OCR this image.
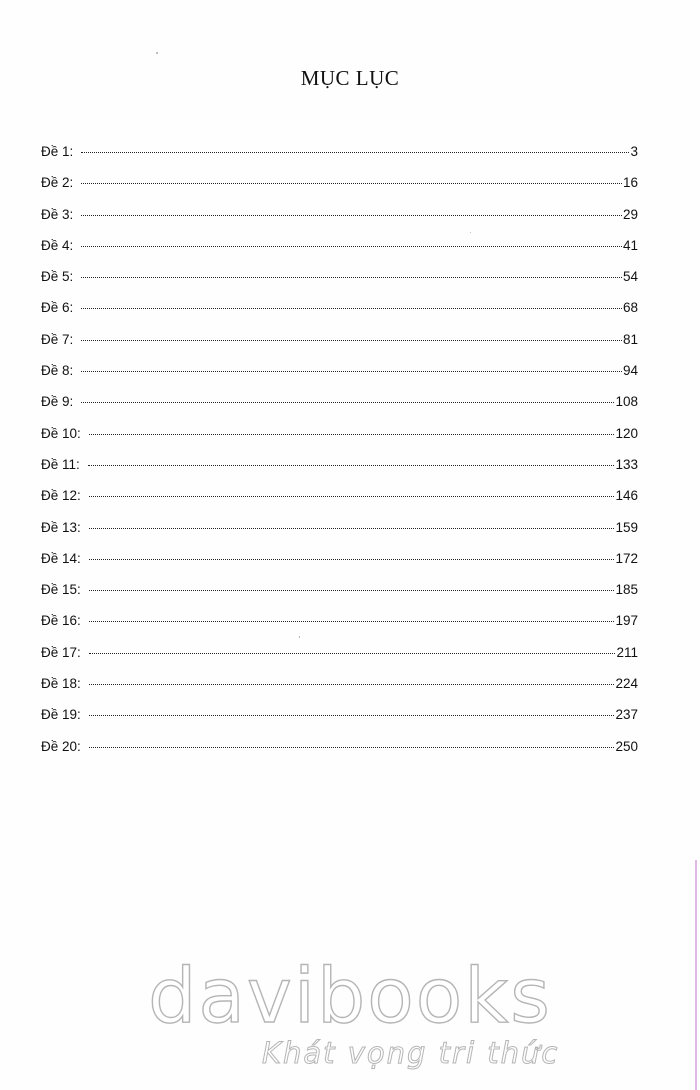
MỤC LỤC
Đề 1:	3
Đề 2:	16
Đề 3:	29
Đề 4:	41
Đề 5:	54
Đề 6:	68
Đề 7:	81
Đề 8:	94
Đề 9:	108
Đề 10:	120
Đề 11:	133
Đề 12:	146
Đề 13:	159
Đề 14:	172
Đề 15:	185
Đề 16:	197
Đề 17:	211
Đề 18:	224
Đề 19:	237
Đề 20:	250
davibooks
Khát vọng tri thức
